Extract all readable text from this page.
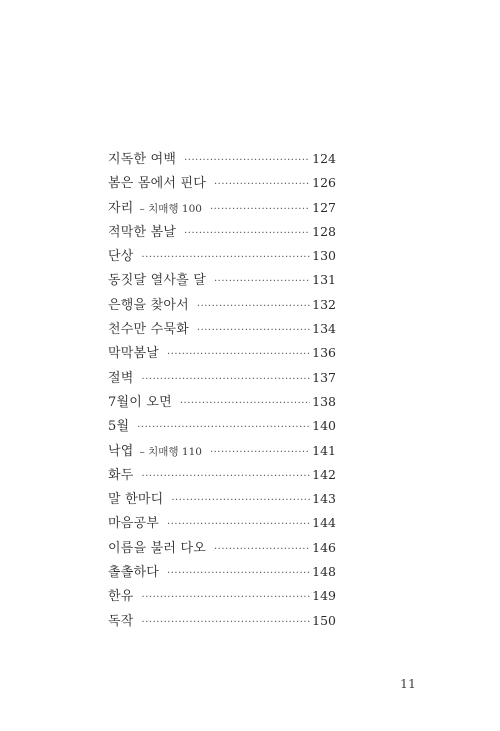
지독한 여백 ·····	124
봄은 몸에서 핀다 ·····	126
자리 – 치매행 100 ·····	127
적막한 봄날 ·····	128
단상 ·····	130
동짓달 열사흘 달 ·····	131
은행을 찾아서 ·····	132
천수만 수묵화 ·····	134
막막봄날 ·····	136
절벽 ·····	137
7월이 오면 ·····	138
5월 ·····	140
낙엽 – 치매행 110 ·····	141
화두 ·····	142
말 한마디 ·····	143
마음공부 ·····	144
이름을 불러 다오 ·····	146
촐촐하다 ·····	148
한유 ·····	149
독작 ·····	150
11
